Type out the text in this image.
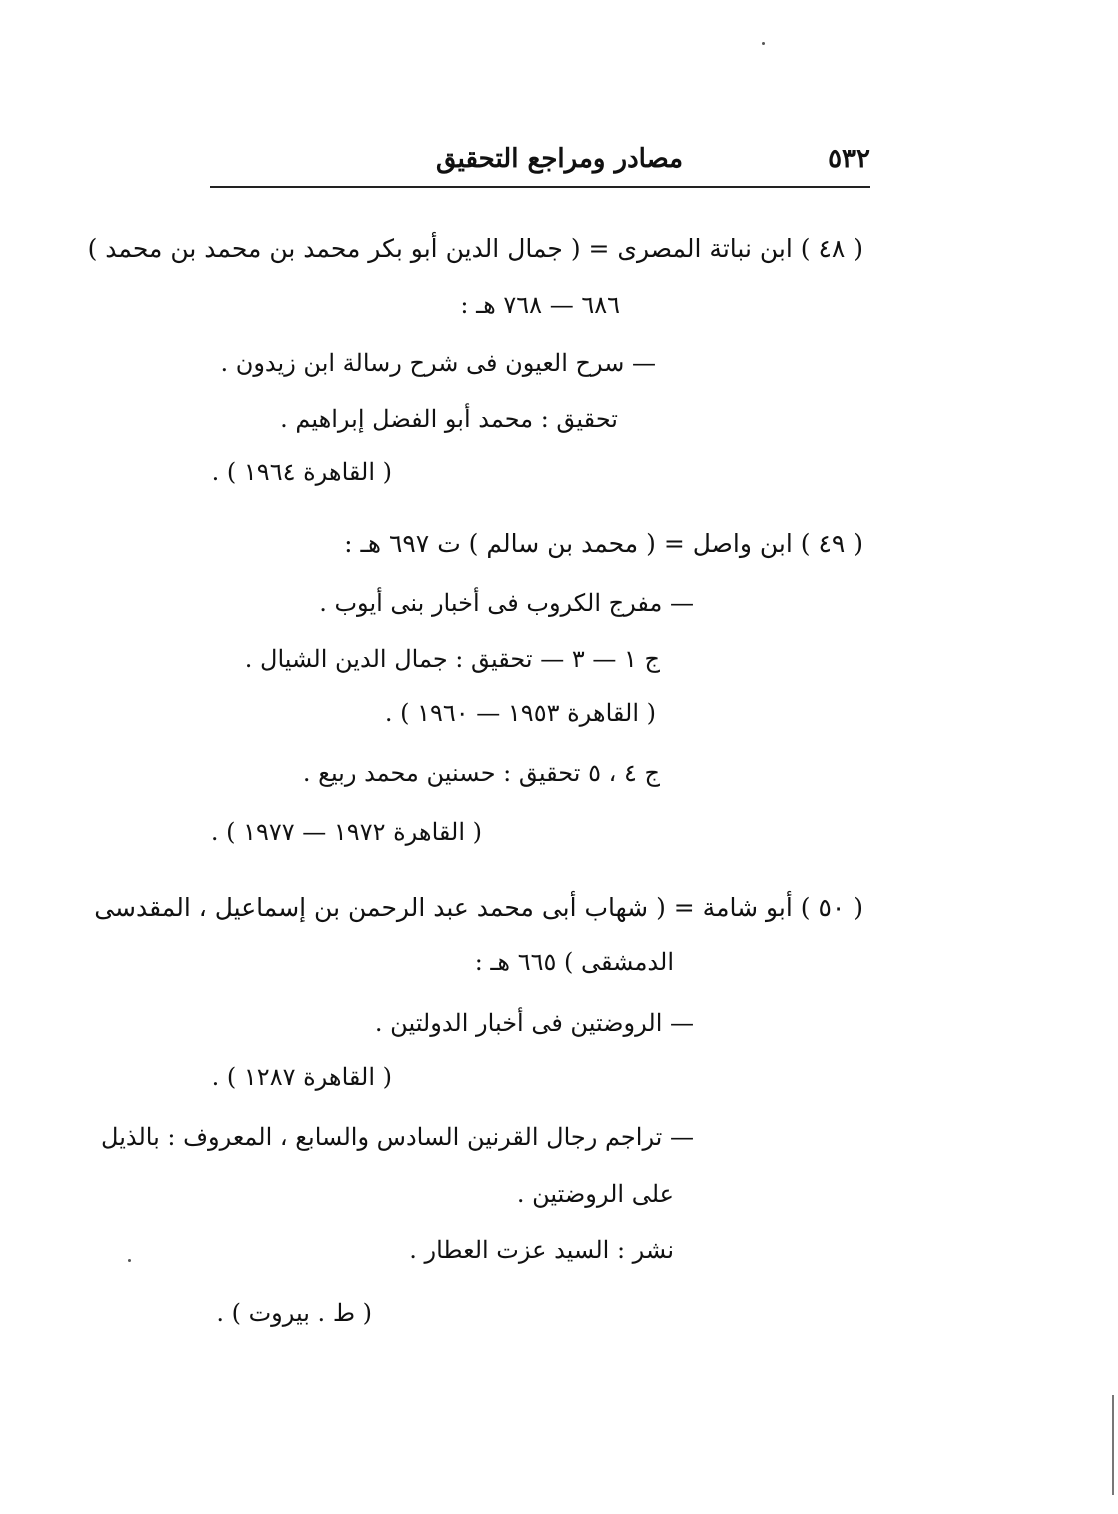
٥٣٢
مصادر ومراجع التحقيق
( ٤٨ ) ابن نباتة المصرى = ( جمال الدين أبو بكر محمد بن محمد بن محمد )
٦٨٦ — ٧٦٨ هـ :
— سرح العيون فى شرح رسالة ابن زيدون .
تحقيق : محمد أبو الفضل إبراهيم .
( القاهرة ١٩٦٤ ) .
( ٤٩ ) ابن واصل = ( محمد بن سالم ) ت ٦٩٧ هـ :
— مفرج الكروب فى أخبار بنى أيوب .
ج ١ — ٣ — تحقيق : جمال الدين الشيال .
( القاهرة ١٩٥٣ — ١٩٦٠ ) .
ج ٤ ، ٥ تحقيق : حسنين محمد ربيع .
( القاهرة ١٩٧٢ — ١٩٧٧ ) .
( ٥٠ ) أبو شامة = ( شهاب أبى محمد عبد الرحمن بن إسماعيل ، المقدسى
الدمشقى ) ٦٦٥ هـ :
— الروضتين فى أخبار الدولتين .
( القاهرة ١٢٨٧ ) .
— تراجم رجال القرنين السادس والسابع ، المعروف : بالذيل
على الروضتين .
نشر : السيد عزت العطار .
( ط . بيروت ) .
